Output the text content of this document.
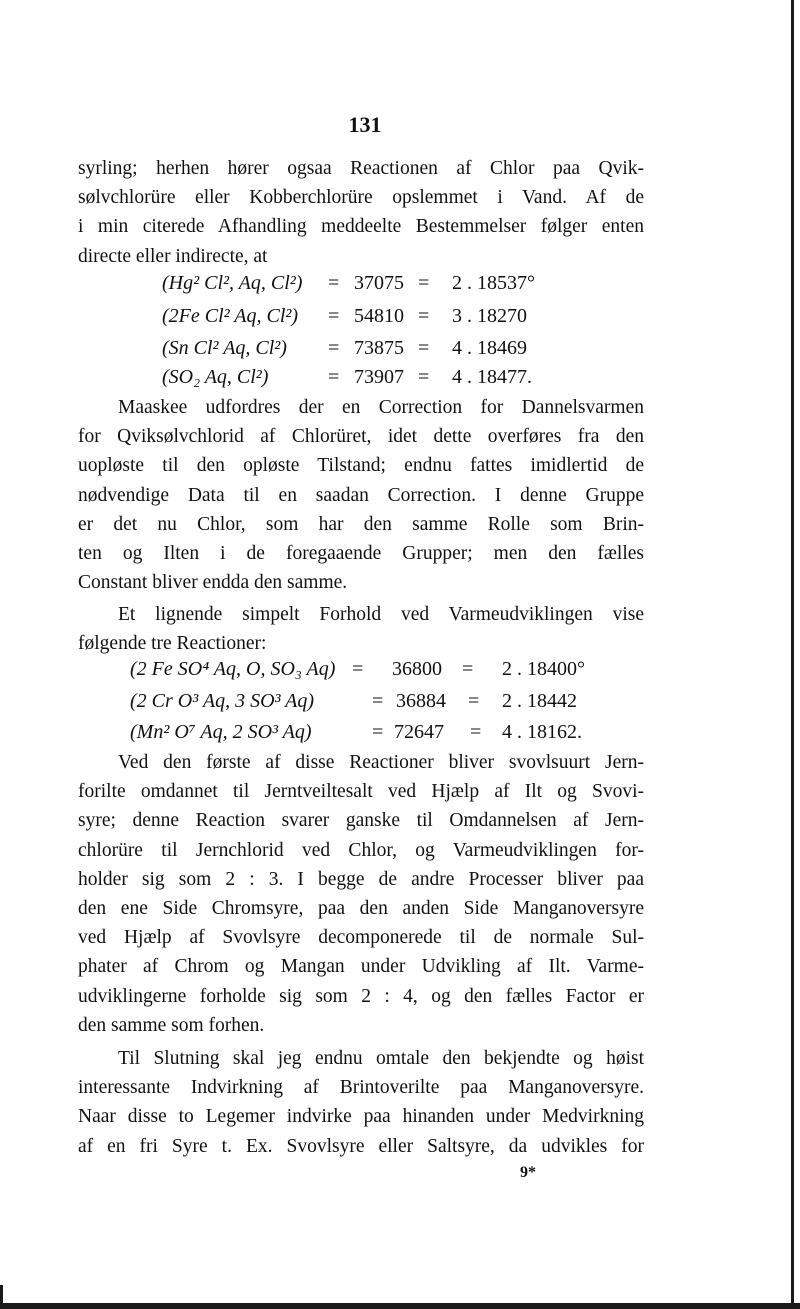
131
syrling; herhen hører ogsaa Reactionen af Chlor paa Qvik-
sølvchlorüre eller Kobberchlorüre opslemmet i Vand. Af de
i min citerede Afhandling meddeelte Bestemmelser følger enten
directe eller indirecte, at
(Hg² Cl², Aq, Cl²) = 37075 = 2 . 18537°
(2Fe Cl² Aq, Cl²) = 54810 = 3 . 18270
(Sn Cl² Aq, Cl²) = 73875 = 4 . 18469
(SO₂ Aq, Cl²)	= 73907 = 4 . 18477.
Maaskee udfordres der en Correction for Dannelsvarmen
for Qviksølvchlorid af Chlorüret, idet dette overføres fra den
uopløste til den opløste Tilstand; endnu fattes imidlertid de
nødvendige Data til en saadan Correction. I denne Gruppe
er det nu Chlor, som har den samme Rolle som Brin-
ten og Ilten i de foregaaende Grupper; men den fælles
Constant bliver endda den samme.
Et lignende simpelt Forhold ved Varmeudviklingen vise
følgende tre Reactioner:
(2 Fe SO⁴ Aq, O, SO₃ Aq) = 36800 = 2 . 18400°
(2 Cr O³ Aq, 3 SO³ Aq)	= 36884 = 2 . 18442
(Mn² O⁷ Aq, 2 SO³ Aq)	= 72647 = 4 . 18162.
Ved den første af disse Reactioner bliver svovlsuurt Jern-
forilte omdannet til Jerntveiltesalt ved Hjælp af Ilt og Svovi-
syre; denne Reaction svarer ganske til Omdannelsen af Jern-
chlorüre til Jernchlorid ved Chlor, og Varmeudviklingen for-
holder sig som 2 : 3. I begge de andre Processer bliver paa
den ene Side Chromsyre, paa den anden Side Manganoversyre
ved Hjælp af Svovlsyre decomponerede til de normale Sul-
phater af Chrom og Mangan under Udvikling af Ilt. Varme-
udviklingerne forholde sig som 2 : 4, og den fælles Factor er
den samme som forhen.
Til Slutning skal jeg endnu omtale den bekjendte og høist
interessante Indvirkning af Brintoverilte paa Manganoversyre.
Naar disse to Legemer indvirke paa hinanden under Medvirkning
af en fri Syre t. Ex. Svovlsyre eller Saltsyre, da udvikles for
9*
